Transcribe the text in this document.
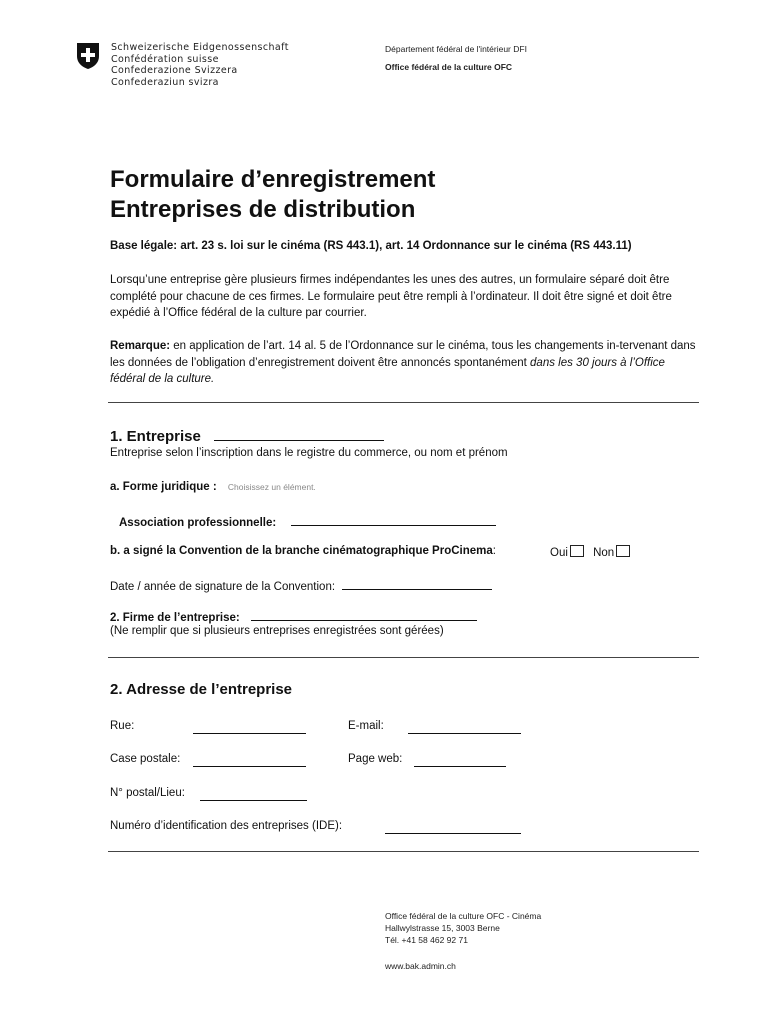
Schweizerische Eidgenossenschaft
Confédération suisse
Confederazione Svizzera
Confederaziun svizra
Département fédéral de l'intérieur DFI
Office fédéral de la culture OFC
Formulaire d’enregistrement
Entreprises de distribution
Base légale: art. 23 s. loi sur le cinéma (RS 443.1), art. 14 Ordonnance sur le cinéma (RS 443.11)
Lorsqu’une entreprise gère plusieurs firmes indépendantes les unes des autres, un formulaire séparé doit être complété pour chacune de ces firmes. Le formulaire peut être rempli à l’ordinateur. Il doit être signé et doit être expédié à l’Office fédéral de la culture par courrier.
Remarque: en application de l’art. 14 al. 5 de l’Ordonnance sur le cinéma, tous les changements in-tervenant dans les données de l’obligation d’enregistrement doivent être annoncés spontanément dans les 30 jours à l’Office fédéral de la culture.
1. Entreprise
Entreprise selon l’inscription dans le registre du commerce, ou nom et prénom
a. Forme juridique : Choisissez un élément.
Association professionnelle:
b. a signé la Convention de la branche cinématographique ProCinema:	Oui Non
Date / année de signature de la Convention:
2. Firme de l’entreprise:
(Ne remplir que si plusieurs entreprises enregistrées sont gérées)
2. Adresse de l’entreprise
Rue:	E-mail:
Case postale:	Page web:
N° postal/Lieu:
Numéro d’identification des entreprises (IDE):
Office fédéral de la culture OFC - Cinéma
Hallwylstrasse 15, 3003 Berne
Tél. +41 58 462 92 71
www.bak.admin.ch
